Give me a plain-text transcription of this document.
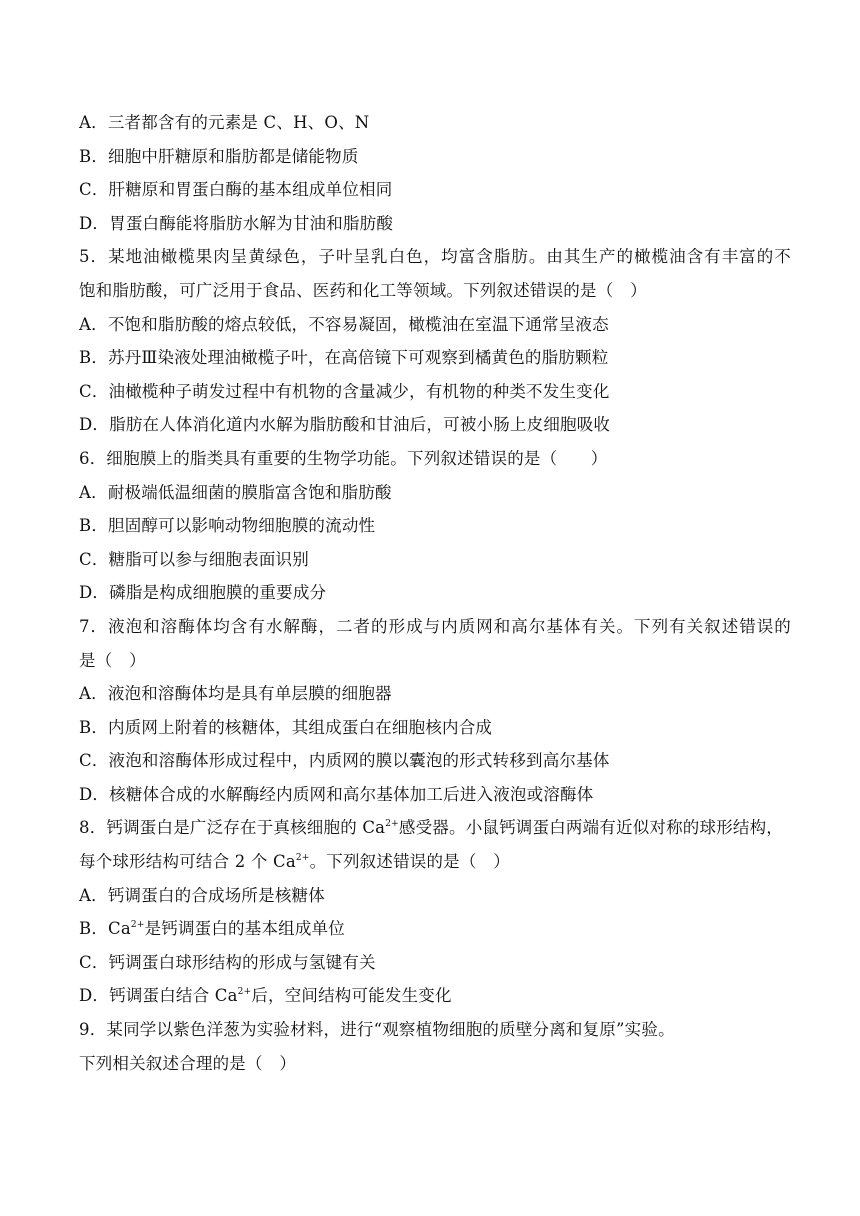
A．三者都含有的元素是 C、H、O、N
B．细胞中肝糖原和脂肪都是储能物质
C．肝糖原和胃蛋白酶的基本组成单位相同
D．胃蛋白酶能将脂肪水解为甘油和脂肪酸
5．某地油橄榄果肉呈黄绿色，子叶呈乳白色，均富含脂肪。由其生产的橄榄油含有丰富的不
饱和脂肪酸，可广泛用于食品、医药和化工等领域。下列叙述错误的是（　）
A．不饱和脂肪酸的熔点较低，不容易凝固，橄榄油在室温下通常呈液态
B．苏丹Ⅲ染液处理油橄榄子叶，在高倍镜下可观察到橘黄色的脂肪颗粒
C．油橄榄种子萌发过程中有机物的含量减少，有机物的种类不发生变化
D．脂肪在人体消化道内水解为脂肪酸和甘油后，可被小肠上皮细胞吸收
6．细胞膜上的脂类具有重要的生物学功能。下列叙述错误的是（　　）
A．耐极端低温细菌的膜脂富含饱和脂肪酸
B．胆固醇可以影响动物细胞膜的流动性
C．糖脂可以参与细胞表面识别
D．磷脂是构成细胞膜的重要成分
7．液泡和溶酶体均含有水解酶，二者的形成与内质网和高尔基体有关。下列有关叙述错误的
是（　）
A．液泡和溶酶体均是具有单层膜的细胞器
B．内质网上附着的核糖体，其组成蛋白在细胞核内合成
C．液泡和溶酶体形成过程中，内质网的膜以囊泡的形式转移到高尔基体
D．核糖体合成的水解酶经内质网和高尔基体加工后进入液泡或溶酶体
8．钙调蛋白是广泛存在于真核细胞的 $Ca^{2+}$感受器。小鼠钙调蛋白两端有近似对称的球形结构，
每个球形结构可结合 2 个 $Ca^{2+}$。下列叙述错误的是（　）
A．钙调蛋白的合成场所是核糖体
B．$Ca^{2+}$是钙调蛋白的基本组成单位
C．钙调蛋白球形结构的形成与氢键有关
D．钙调蛋白结合 $Ca^{2+}$后，空间结构可能发生变化
9．某同学以紫色洋葱为实验材料，进行“观察植物细胞的质壁分离和复原”实验。
下列相关叙述合理的是（　）
